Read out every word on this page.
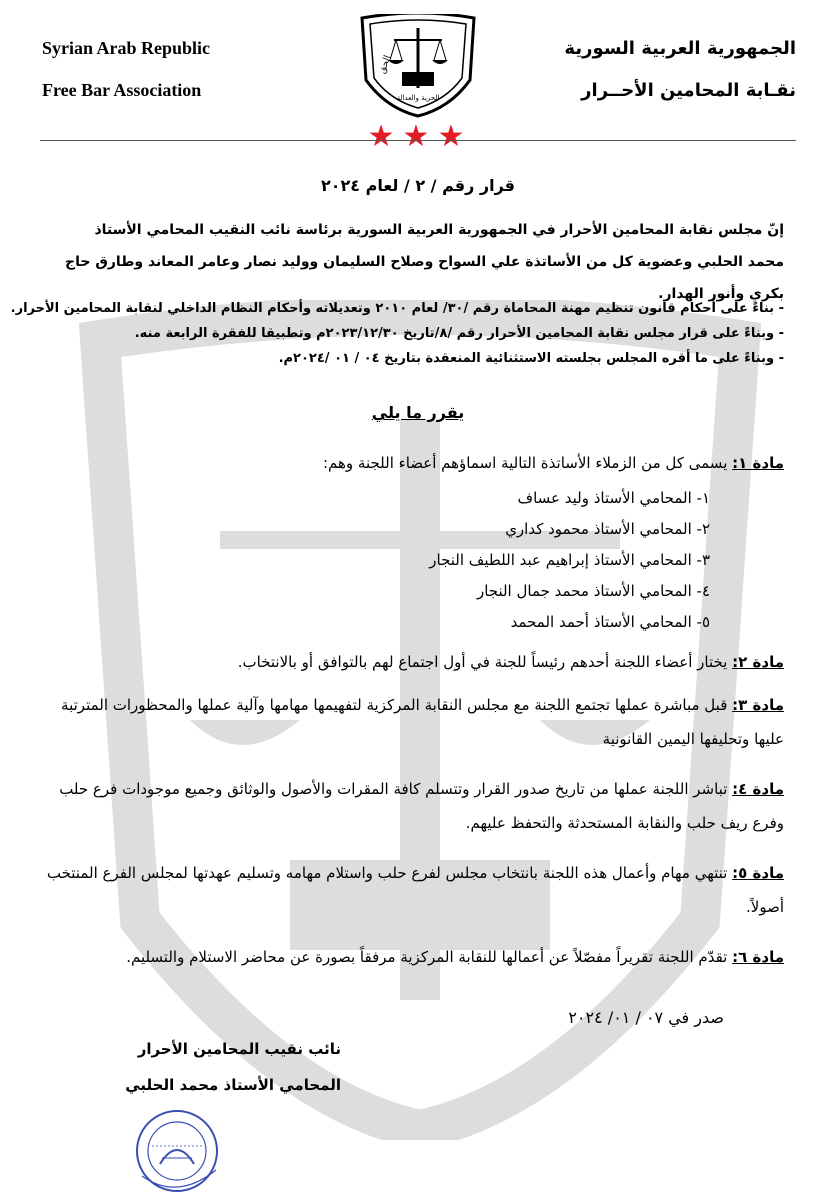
Syrian Arab Republic
Free Bar Association
الجمهورية العربية السورية
نقـابة المحامين الأحــرار
الحق
الحرية والعدالة
★★★
قرار رقم / ٢ / لعام ٢٠٢٤
إنّ مجلس نقابة المحامين الأحرار في الجمهورية العربية السورية برئاسة نائب النقيب المحامي الأستاذ محمد الحلبي وعضوية كل من الأساتذة علي السواح وصلاح السليمان ووليد نصار وعامر المعاند وطارق حاج بكري وأنور الهدار.
- بناءً على أحكام قانون تنظيم مهنة المحاماة رقم /٣٠/ لعام ٢٠١٠ وتعديلاته وأحكام النظام الداخلي لنقابة المحامين الأحرار.
- وبناءً على قرار مجلس نقابة المحامين الأحرار رقم /٨/تاريخ ٢٠٢٣/١٢/٣٠م وتطبيقا للفقرة الرابعة منه.
- وبناءً على ما أقره المجلس بجلسته الاستثنائية المنعقدة بتاريخ ٠٤ / ٠١ /٢٠٢٤م.
يقرر ما يلي
مادة ١: يسمى كل من الزملاء الأساتذة التالية اسماؤهم أعضاء اللجنة وهم:
١- المحامي الأستاذ وليد عساف
٢- المحامي الأستاذ محمود كداري
٣- المحامي الأستاذ إبراهيم عبد اللطيف النجار
٤- المحامي الأستاذ محمد جمال النجار
٥- المحامي الأستاذ أحمد المحمد
مادة ٢: يختار أعضاء اللجنة أحدهم رئيساً للجنة في أول اجتماع لهم بالتوافق أو بالانتخاب.
مادة ٣: قبل مباشرة عملها تجتمع اللجنة مع مجلس النقابة المركزية لتفهيمها مهامها وآلية عملها والمحظورات المترتبة عليها وتحليفها اليمين القانونية
مادة ٤: تباشر اللجنة عملها من تاريخ صدور القرار وتتسلم كافة المقرات والأصول والوثائق وجميع موجودات فرع حلب وفرع ريف حلب والنقابة المستحدثة والتحفظ عليهم.
مادة ٥: تنتهي مهام وأعمال هذه اللجنة بانتخاب مجلس لفرع حلب واستلام مهامه وتسليم عهدتها لمجلس الفرع المنتخب أصولاً.
مادة ٦: تقدّم اللجنة تقريراً مفصّلاً عن أعمالها للنقابة المركزية مرفقاً بصورة عن محاضر الاستلام والتسليم.
صدر في ٠٧ / ٠١/ ٢٠٢٤
نائب نقيب المحامين الأحرار
المحامي الأستاذ محمد الحلبي
